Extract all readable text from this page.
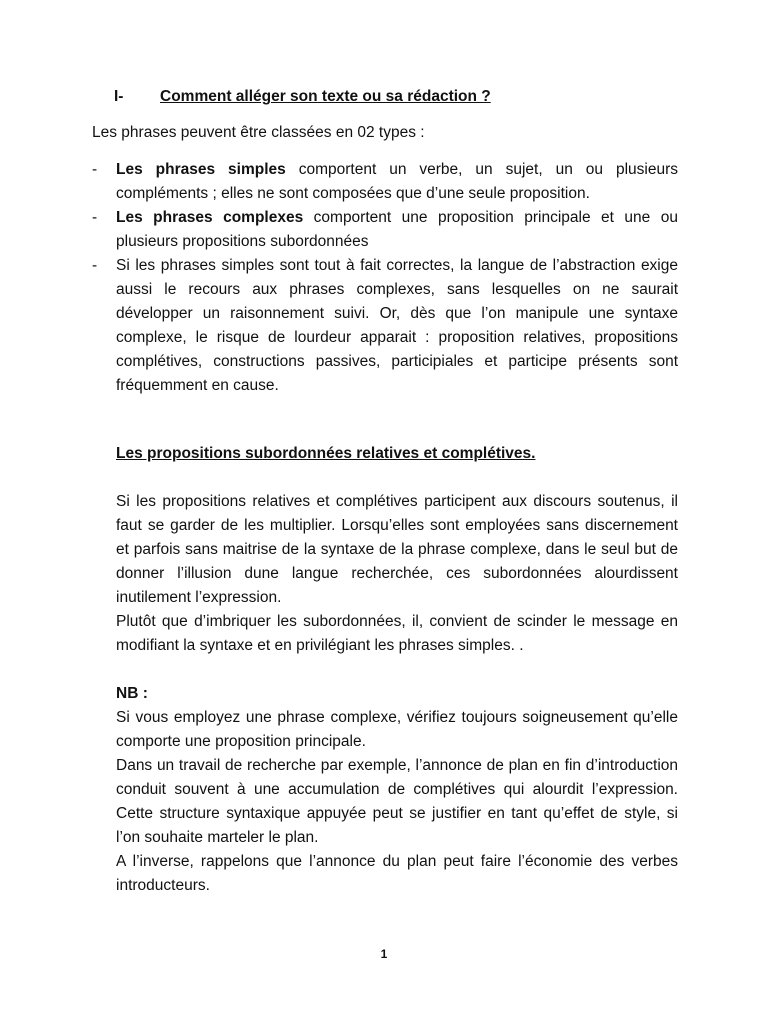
I- Comment alléger son texte ou sa rédaction ?
Les phrases peuvent être classées en 02 types :
- Les phrases simples comportent un verbe, un sujet, un ou plusieurs compléments ; elles ne sont composées que d’une seule proposition.
- Les phrases complexes comportent une proposition principale et une ou plusieurs propositions subordonnées
- Si les phrases simples sont tout à fait correctes, la langue de l’abstraction exige aussi le recours aux phrases complexes, sans lesquelles on ne saurait développer un raisonnement suivi. Or, dès que l’on manipule une syntaxe complexe, le risque de lourdeur apparait : proposition relatives, propositions complétives, constructions passives, participiales et participe présents sont fréquemment en cause.
Les propositions subordonnées relatives et complétives.

Si les propositions relatives et complétives participent aux discours soutenus, il faut se garder de les multiplier. Lorsqu’elles sont employées sans discernement et parfois sans maitrise de la syntaxe de la phrase complexe, dans le seul but de donner l’illusion dune langue recherchée, ces subordonnées alourdissent inutilement l’expression.

Plutôt que d’imbriquer les subordonnées, il, convient de scinder le message en modifiant la syntaxe et en privilégiant les phrases simples. .

NB :

Si vous employez une phrase complexe, vérifiez toujours soigneusement qu’elle comporte une proposition principale.

Dans un travail de recherche par exemple, l’annonce de plan en fin d’introduction conduit souvent à une accumulation de complétives qui alourdit l’expression. Cette structure syntaxique appuyée peut se justifier en tant qu’effet de style, si l’on souhaite marteler le plan.

A l’inverse, rappelons que l’annonce du plan peut faire l’économie des verbes introducteurs.

1
